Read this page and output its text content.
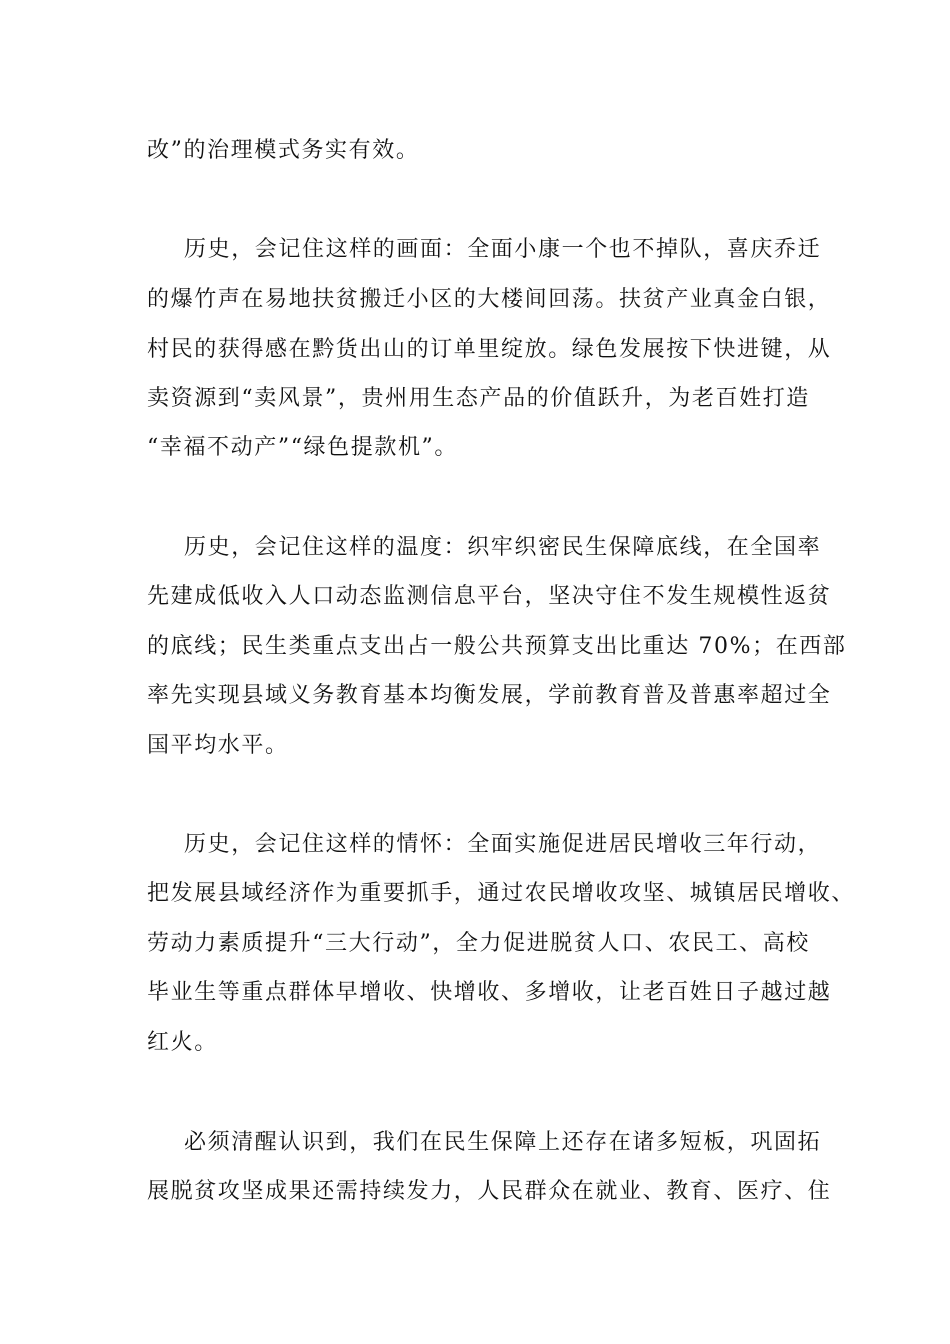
改”的治理模式务实有效。
历史，会记住这样的画面：全面小康一个也不掉队，喜庆乔迁
的爆竹声在易地扶贫搬迁小区的大楼间回荡。扶贫产业真金白银，
村民的获得感在黔货出山的订单里绽放。绿色发展按下快进键，从
卖资源到“卖风景”，贵州用生态产品的价值跃升，为老百姓打造
“幸福不动产”“绿色提款机”。
历史，会记住这样的温度：织牢织密民生保障底线，在全国率
先建成低收入人口动态监测信息平台，坚决守住不发生规模性返贫
的底线；民生类重点支出占一般公共预算支出比重达 70%；在西部
率先实现县域义务教育基本均衡发展，学前教育普及普惠率超过全
国平均水平。
历史，会记住这样的情怀：全面实施促进居民增收三年行动，
把发展县域经济作为重要抓手，通过农民增收攻坚、城镇居民增收、
劳动力素质提升“三大行动”，全力促进脱贫人口、农民工、高校
毕业生等重点群体早增收、快增收、多增收，让老百姓日子越过越
红火。
必须清醒认识到，我们在民生保障上还存在诸多短板，巩固拓
展脱贫攻坚成果还需持续发力，人民群众在就业、教育、医疗、住
